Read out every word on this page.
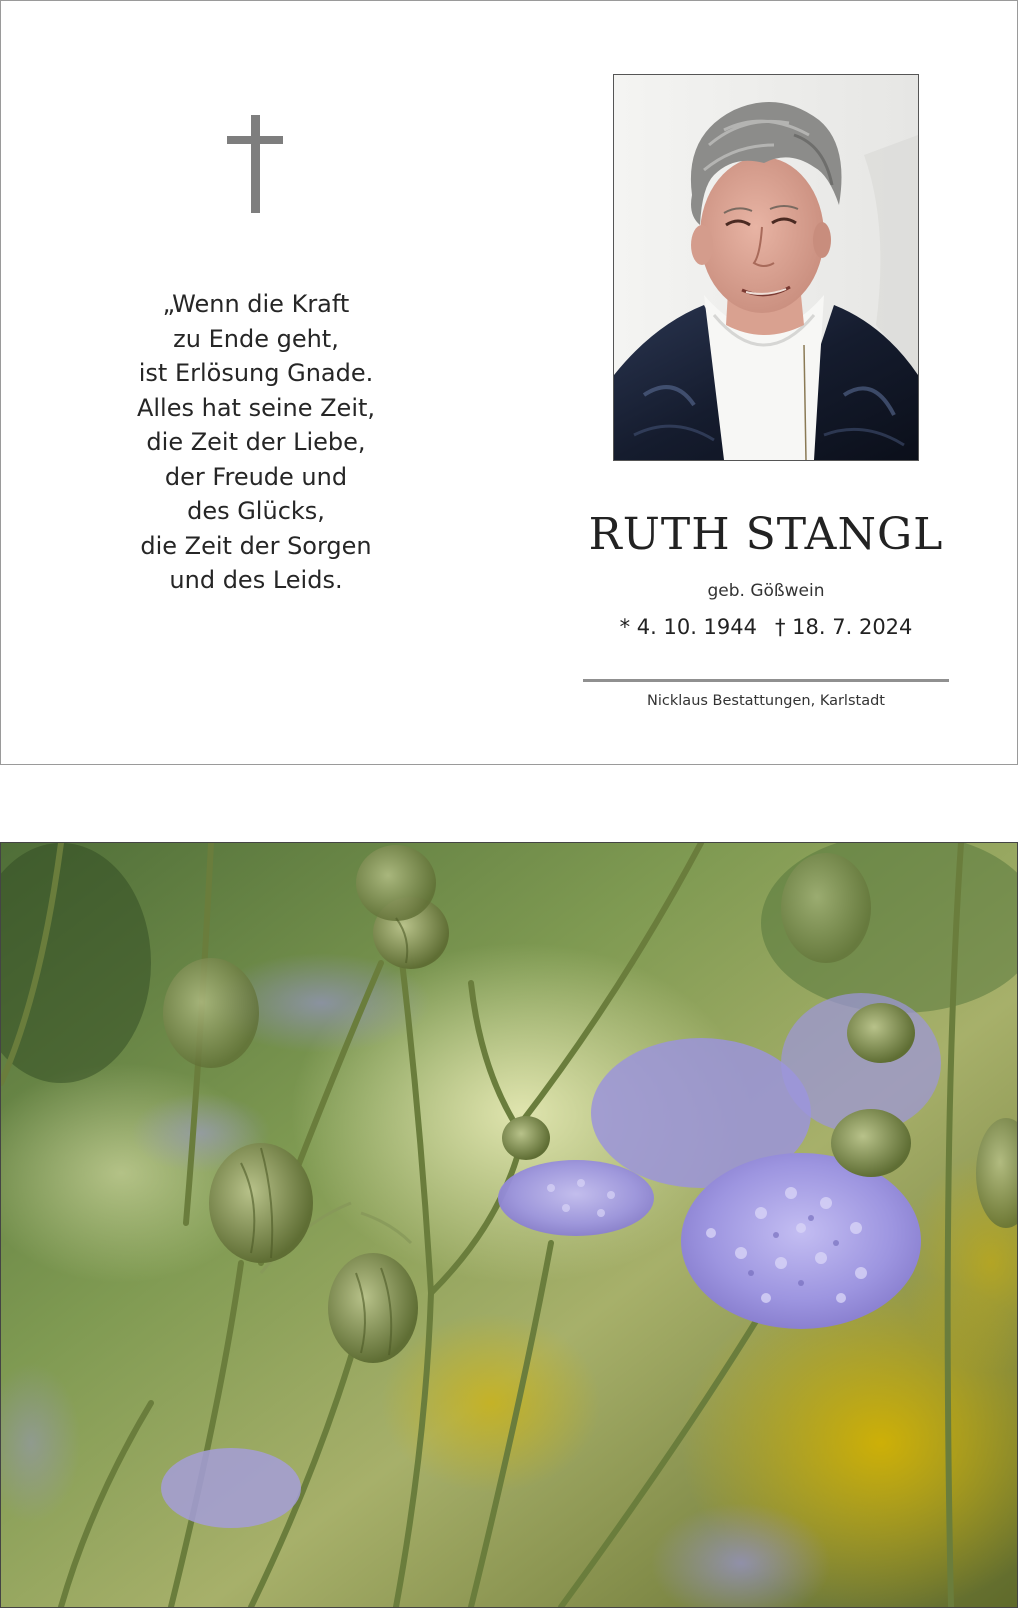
„Wenn die Kraft
zu Ende geht,
ist Erlösung Gnade.
Alles hat seine Zeit,
die Zeit der Liebe,
der Freude und
des Glücks,
die Zeit der Sorgen
und des Leids.
RUTH STANGL
geb. Gößwein
* 4. 10. 1944 † 18. 7. 2024
Nicklaus Bestattungen, Karlstadt
